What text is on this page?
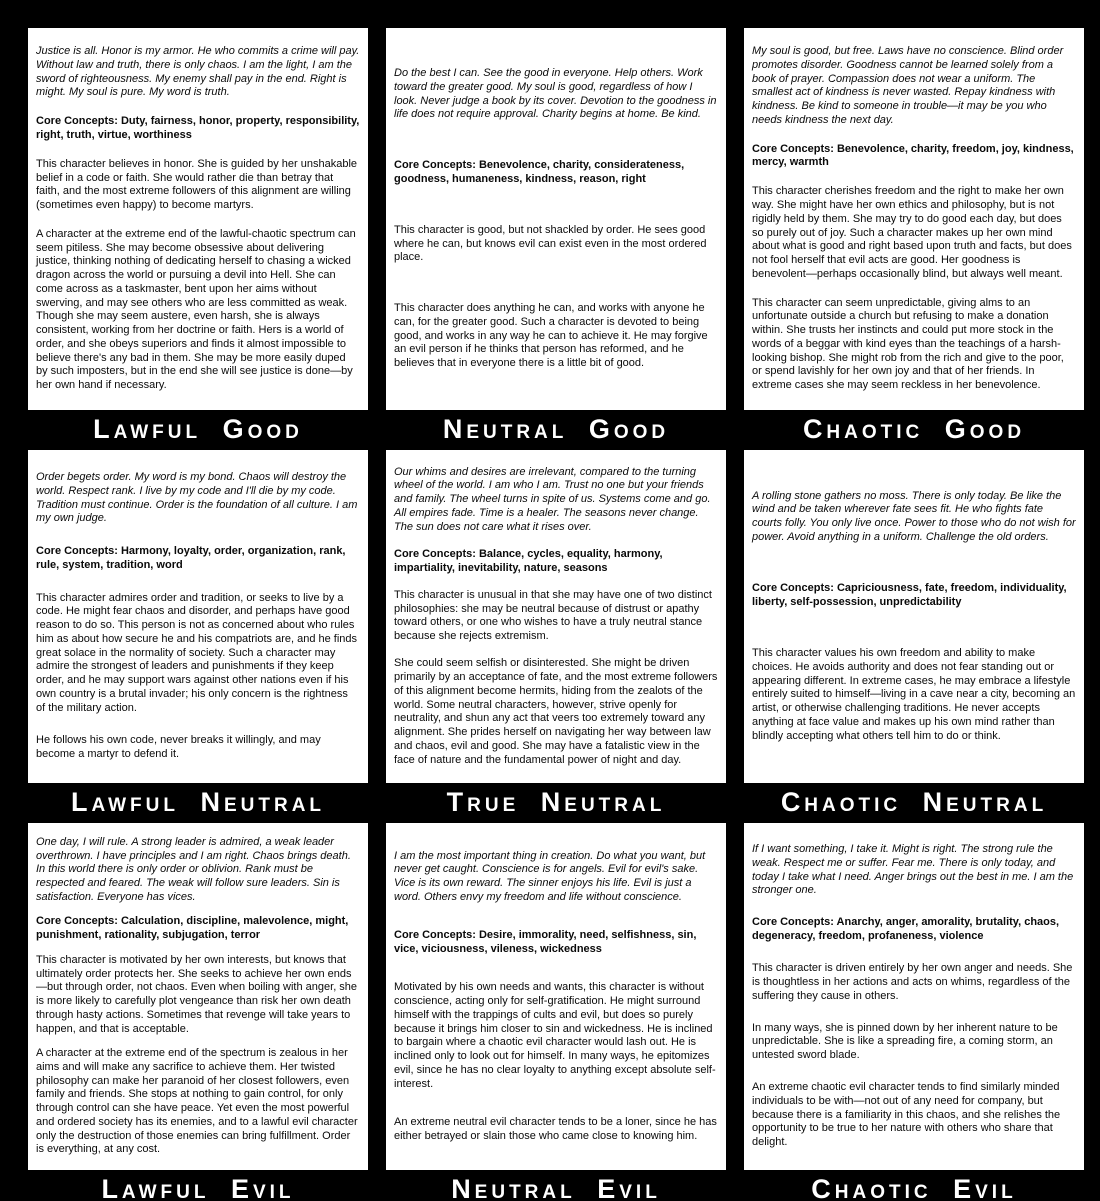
Justice is all. Honor is my armor. He who commits a crime will pay. Without law and truth, there is only chaos. I am the light, I am the sword of righteousness. My enemy shall pay in the end. Right is might. My soul is pure. My word is truth.

Core Concepts: Duty, fairness, honor, property, responsibility, right, truth, virtue, worthiness

This character believes in honor. She is guided by her unshakable belief in a code or faith. She would rather die than betray that faith, and the most extreme followers of this alignment are willing (sometimes even happy) to become martyrs.

A character at the extreme end of the lawful-chaotic spectrum can seem pitiless. She may become obsessive about delivering justice, thinking nothing of dedicating herself to chasing a wicked dragon across the world or pursuing a devil into Hell. She can come across as a taskmaster, bent upon her aims without swerving, and may see others who are less committed as weak. Though she may seem austere, even harsh, she is always consistent, working from her doctrine or faith. Hers is a world of order, and she obeys superiors and finds it almost impossible to believe there's any bad in them. She may be more easily duped by such imposters, but in the end she will see justice is done—by her own hand if necessary.

Do the best I can. See the good in everyone. Help others. Work toward the greater good. My soul is good, regardless of how I look. Never judge a book by its cover. Devotion to the goodness in life does not require approval. Charity begins at home. Be kind.

Core Concepts: Benevolence, charity, considerateness, goodness, humaneness, kindness, reason, right

This character is good, but not shackled by order. He sees good where he can, but knows evil can exist even in the most ordered place.

This character does anything he can, and works with anyone he can, for the greater good. Such a character is devoted to being good, and works in any way he can to achieve it. He may forgive an evil person if he thinks that person has reformed, and he believes that in everyone there is a little bit of good.

My soul is good, but free. Laws have no conscience. Blind order promotes disorder. Goodness cannot be learned solely from a book of prayer. Compassion does not wear a uniform. The smallest act of kindness is never wasted. Repay kindness with kindness. Be kind to someone in trouble—it may be you who needs kindness the next day.

Core Concepts: Benevolence, charity, freedom, joy, kindness, mercy, warmth

This character cherishes freedom and the right to make her own way. She might have her own ethics and philosophy, but is not rigidly held by them. She may try to do good each day, but does so purely out of joy. Such a character makes up her own mind about what is good and right based upon truth and facts, but does not fool herself that evil acts are good. Her goodness is benevolent—perhaps occasionally blind, but always well meant.

This character can seem unpredictable, giving alms to an unfortunate outside a church but refusing to make a donation within. She trusts her instincts and could put more stock in the words of a beggar with kind eyes than the teachings of a harsh-looking bishop. She might rob from the rich and give to the poor, or spend lavishly for her own joy and that of her friends. In extreme cases she may seem reckless in her benevolence.

Lawful Good	Neutral Good	Chaotic Good

Order begets order. My word is my bond. Chaos will destroy the world. Respect rank. I live by my code and I'll die by my code. Tradition must continue. Order is the foundation of all culture. I am my own judge.

Core Concepts: Harmony, loyalty, order, organization, rank, rule, system, tradition, word

This character admires order and tradition, or seeks to live by a code. He might fear chaos and disorder, and perhaps have good reason to do so. This person is not as concerned about who rules him as about how secure he and his compatriots are, and he finds great solace in the normality of society. Such a character may admire the strongest of leaders and punishments if they keep order, and he may support wars against other nations even if his own country is a brutal invader; his only concern is the rightness of the military action.

He follows his own code, never breaks it willingly, and may become a martyr to defend it.

Our whims and desires are irrelevant, compared to the turning wheel of the world. I am who I am. Trust no one but your friends and family. The wheel turns in spite of us. Systems come and go. All empires fade. Time is a healer. The seasons never change. The sun does not care what it rises over.

Core Concepts: Balance, cycles, equality, harmony, impartiality, inevitability, nature, seasons

This character is unusual in that she may have one of two distinct philosophies: she may be neutral because of distrust or apathy toward others, or one who wishes to have a truly neutral stance because she rejects extremism.

She could seem selfish or disinterested. She might be driven primarily by an acceptance of fate, and the most extreme followers of this alignment become hermits, hiding from the zealots of the world. Some neutral characters, however, strive openly for neutrality, and shun any act that veers too extremely toward any alignment. She prides herself on navigating her way between law and chaos, evil and good. She may have a fatalistic view in the face of nature and the fundamental power of night and day.

A rolling stone gathers no moss. There is only today. Be like the wind and be taken wherever fate sees fit. He who fights fate courts folly. You only live once. Power to those who do not wish for power. Avoid anything in a uniform. Challenge the old orders.

Core Concepts: Capriciousness, fate, freedom, individuality, liberty, self-possession, unpredictability

This character values his own freedom and ability to make choices. He avoids authority and does not fear standing out or appearing different. In extreme cases, he may embrace a lifestyle entirely suited to himself—living in a cave near a city, becoming an artist, or otherwise challenging traditions. He never accepts anything at face value and makes up his own mind rather than blindly accepting what others tell him to do or think.

Lawful Neutral	True Neutral	Chaotic Neutral

One day, I will rule. A strong leader is admired, a weak leader overthrown. I have principles and I am right. Chaos brings death. In this world there is only order or oblivion. Rank must be respected and feared. The weak will follow sure leaders. Sin is satisfaction. Everyone has vices.

Core Concepts: Calculation, discipline, malevolence, might, punishment, rationality, subjugation, terror

This character is motivated by her own interests, but knows that ultimately order protects her. She seeks to achieve her own ends—but through order, not chaos. Even when boiling with anger, she is more likely to carefully plot vengeance than risk her own death through hasty actions. Sometimes that revenge will take years to happen, and that is acceptable.

A character at the extreme end of the spectrum is zealous in her aims and will make any sacrifice to achieve them. Her twisted philosophy can make her paranoid of her closest followers, even family and friends. She stops at nothing to gain control, for only through control can she have peace. Yet even the most powerful and ordered society has its enemies, and to a lawful evil character only the destruction of those enemies can bring fulfillment. Order is everything, at any cost.

I am the most important thing in creation. Do what you want, but never get caught. Conscience is for angels. Evil for evil's sake. Vice is its own reward. The sinner enjoys his life. Evil is just a word. Others envy my freedom and life without conscience.

Core Concepts: Desire, immorality, need, selfishness, sin, vice, viciousness, vileness, wickedness

Motivated by his own needs and wants, this character is without conscience, acting only for self-gratification. He might surround himself with the trappings of cults and evil, but does so purely because it brings him closer to sin and wickedness. He is inclined to bargain where a chaotic evil character would lash out. He is inclined only to look out for himself. In many ways, he epitomizes evil, since he has no clear loyalty to anything except absolute self-interest.

An extreme neutral evil character tends to be a loner, since he has either betrayed or slain those who came close to knowing him.

If I want something, I take it. Might is right. The strong rule the weak. Respect me or suffer. Fear me. There is only today, and today I take what I need. Anger brings out the best in me. I am the stronger one.

Core Concepts: Anarchy, anger, amorality, brutality, chaos, degeneracy, freedom, profaneness, violence

This character is driven entirely by her own anger and needs. She is thoughtless in her actions and acts on whims, regardless of the suffering they cause in others.

In many ways, she is pinned down by her inherent nature to be unpredictable. She is like a spreading fire, a coming storm, an untested sword blade.

An extreme chaotic evil character tends to find similarly minded individuals to be with—not out of any need for company, but because there is a familiarity in this chaos, and she relishes the opportunity to be true to her nature with others who share that delight.

Lawful Evil	Neutral Evil	Chaotic Evil
